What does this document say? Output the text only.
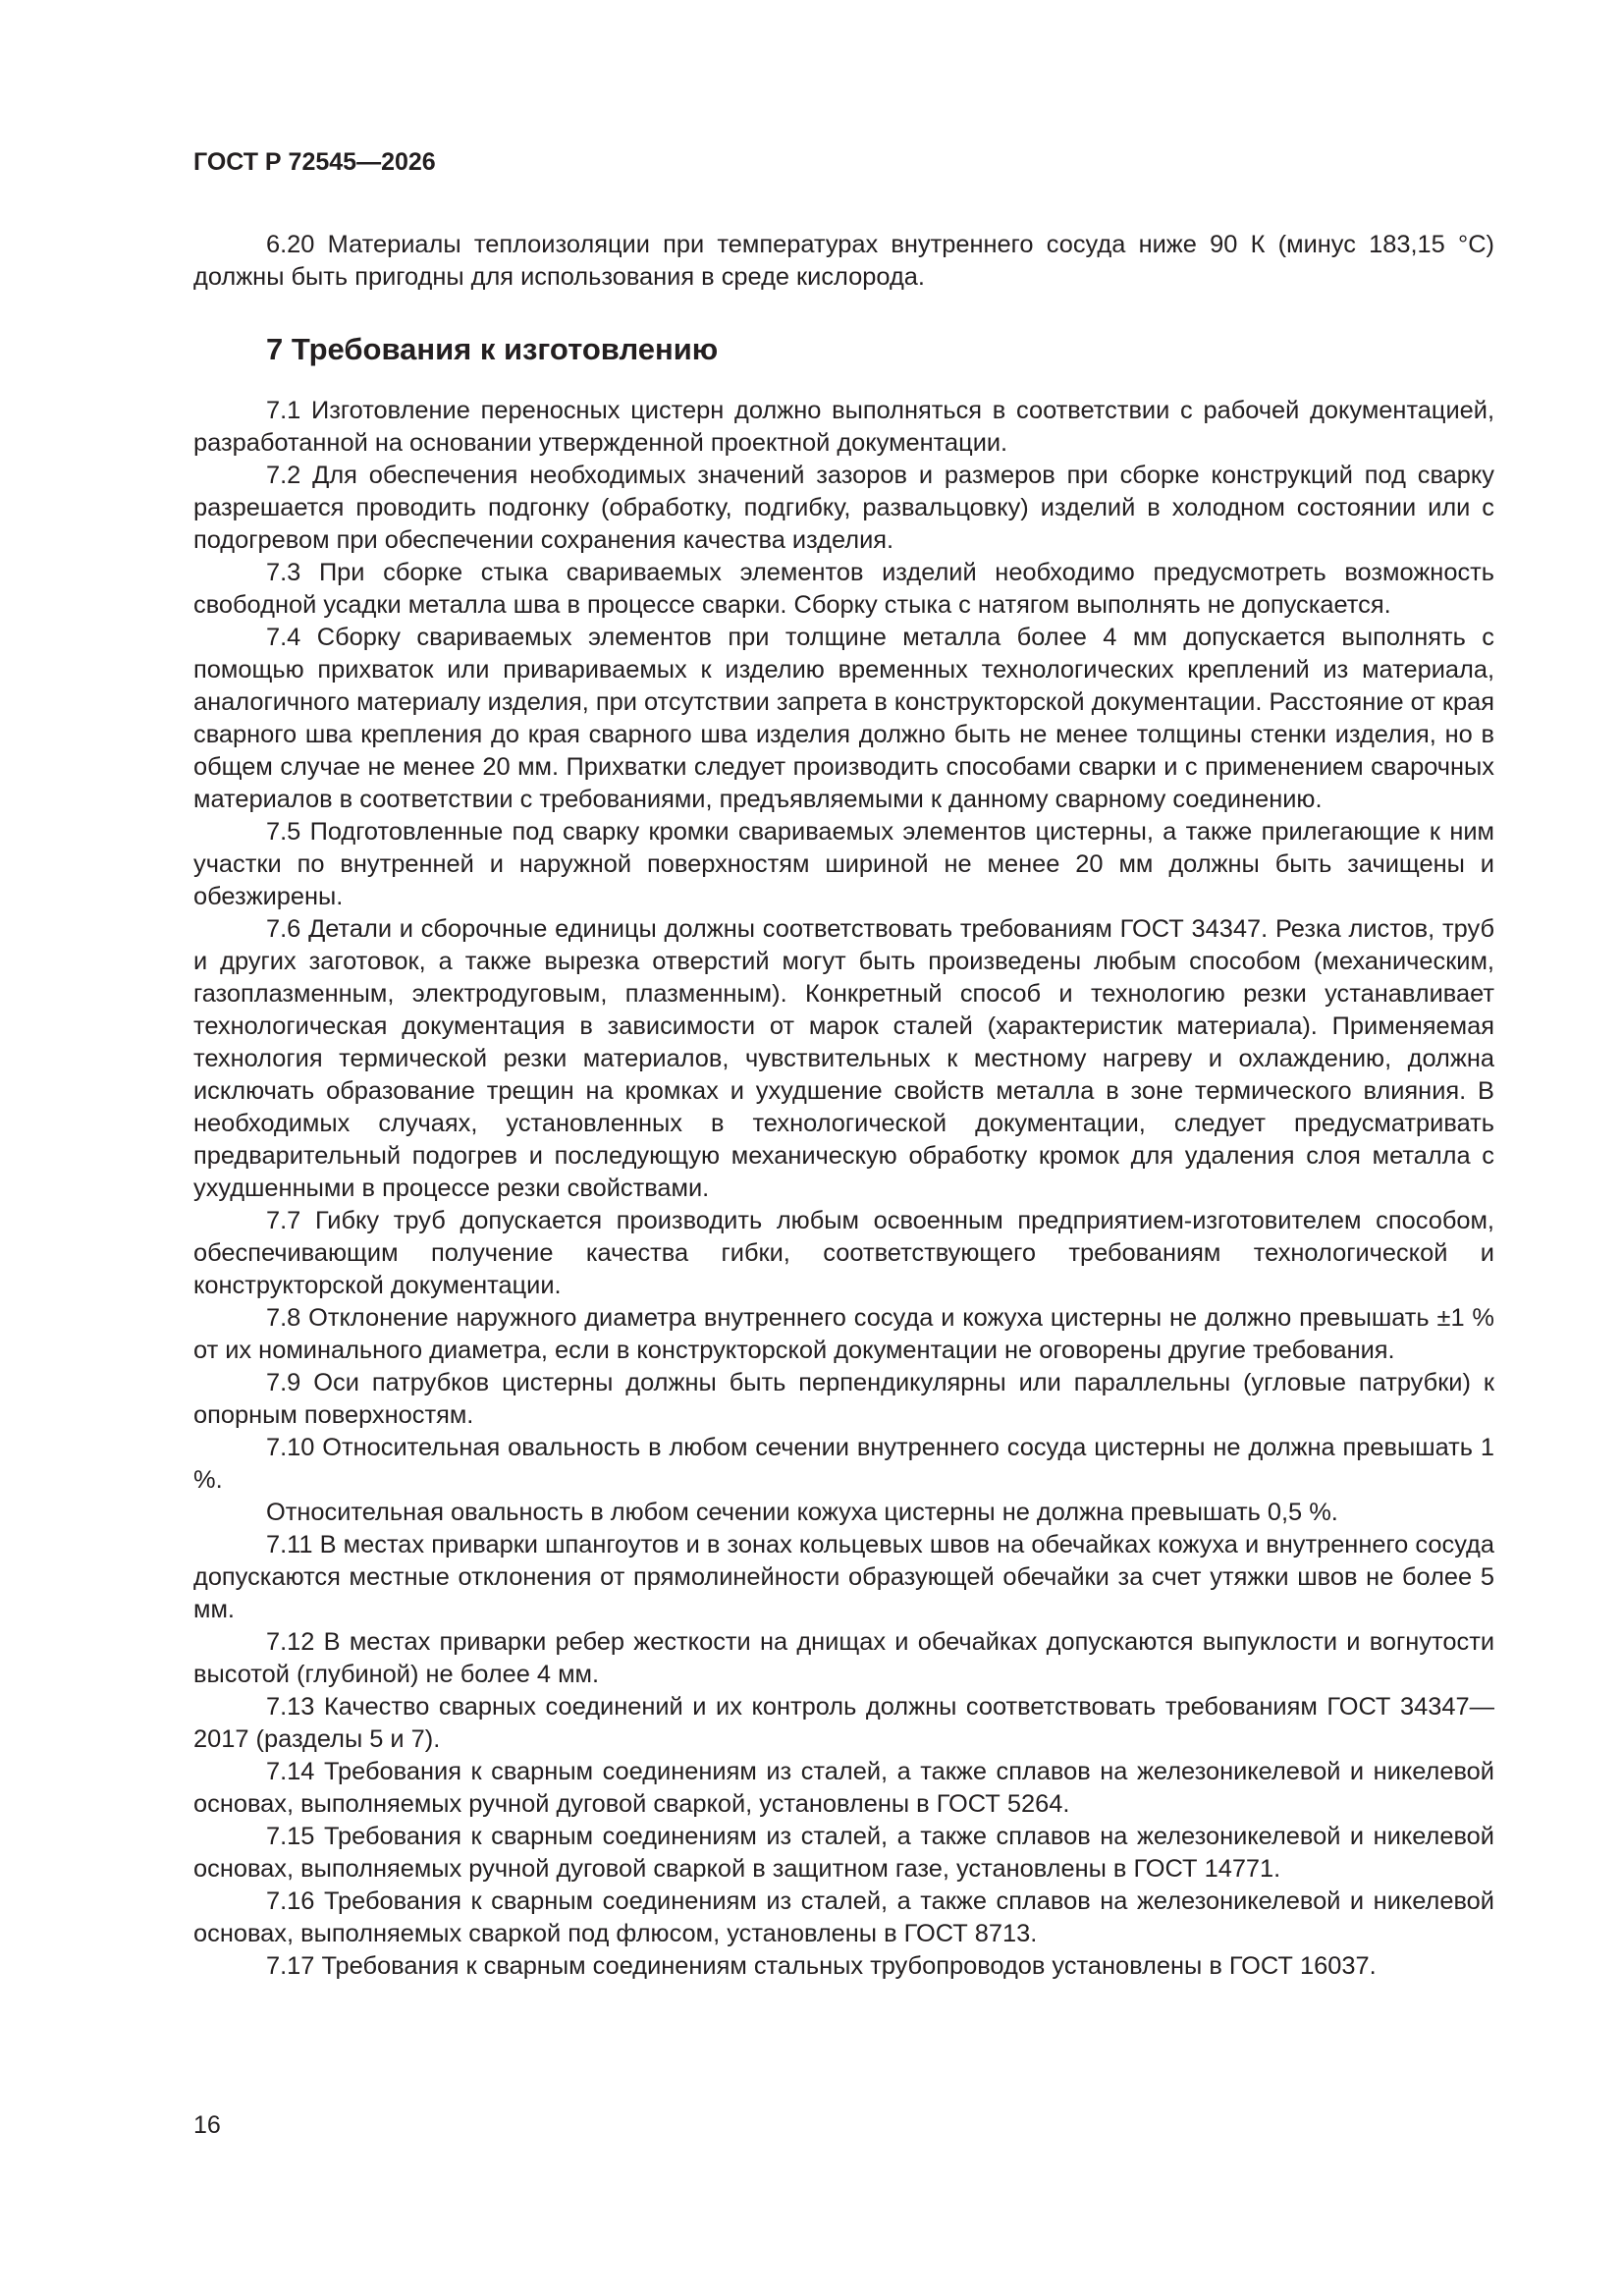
ГОСТ Р 72545—2026

6.20 Материалы теплоизоляции при температурах внутреннего сосуда ниже 90 К (минус 183,15 °С) должны быть пригодны для использования в среде кислорода.

7 Требования к изготовлению

7.1 Изготовление переносных цистерн должно выполняться в соответствии с рабочей документацией, разработанной на основании утвержденной проектной документации.

7.2 Для обеспечения необходимых значений зазоров и размеров при сборке конструкций под сварку разрешается проводить подгонку (обработку, подгибку, развальцовку) изделий в холодном состоянии или с подогревом при обеспечении сохранения качества изделия.

7.3 При сборке стыка свариваемых элементов изделий необходимо предусмотреть возможность свободной усадки металла шва в процессе сварки. Сборку стыка с натягом выполнять не допускается.

7.4 Сборку свариваемых элементов при толщине металла более 4 мм допускается выполнять с помощью прихваток или привариваемых к изделию временных технологических креплений из материала, аналогичного материалу изделия, при отсутствии запрета в конструкторской документации. Расстояние от края сварного шва крепления до края сварного шва изделия должно быть не менее толщины стенки изделия, но в общем случае не менее 20 мм. Прихватки следует производить способами сварки и с применением сварочных материалов в соответствии с требованиями, предъявляемыми к данному сварному соединению.

7.5 Подготовленные под сварку кромки свариваемых элементов цистерны, а также прилегающие к ним участки по внутренней и наружной поверхностям шириной не менее 20 мм должны быть зачищены и обезжирены.

7.6 Детали и сборочные единицы должны соответствовать требованиям ГОСТ 34347. Резка листов, труб и других заготовок, а также вырезка отверстий могут быть произведены любым способом (механическим, газоплазменным, электродуговым, плазменным). Конкретный способ и технологию резки устанавливает технологическая документация в зависимости от марок сталей (характеристик материала). Применяемая технология термической резки материалов, чувствительных к местному нагреву и охлаждению, должна исключать образование трещин на кромках и ухудшение свойств металла в зоне термического влияния. В необходимых случаях, установленных в технологической документации, следует предусматривать предварительный подогрев и последующую механическую обработку кромок для удаления слоя металла с ухудшенными в процессе резки свойствами.

7.7 Гибку труб допускается производить любым освоенным предприятием-изготовителем способом, обеспечивающим получение качества гибки, соответствующего требованиям технологической и конструкторской документации.

7.8 Отклонение наружного диаметра внутреннего сосуда и кожуха цистерны не должно превышать ±1 % от их номинального диаметра, если в конструкторской документации не оговорены другие требования.

7.9 Оси патрубков цистерны должны быть перпендикулярны или параллельны (угловые патрубки) к опорным поверхностям.

7.10 Относительная овальность в любом сечении внутреннего сосуда цистерны не должна превышать 1 %.

Относительная овальность в любом сечении кожуха цистерны не должна превышать 0,5 %.

7.11 В местах приварки шпангоутов и в зонах кольцевых швов на обечайках кожуха и внутреннего сосуда допускаются местные отклонения от прямолинейности образующей обечайки за счет утяжки швов не более 5 мм.

7.12 В местах приварки ребер жесткости на днищах и обечайках допускаются выпуклости и вогнутости высотой (глубиной) не более 4 мм.

7.13 Качество сварных соединений и их контроль должны соответствовать требованиям ГОСТ 34347—2017 (разделы 5 и 7).

7.14 Требования к сварным соединениям из сталей, а также сплавов на железоникелевой и никелевой основах, выполняемых ручной дуговой сваркой, установлены в ГОСТ 5264.

7.15 Требования к сварным соединениям из сталей, а также сплавов на железоникелевой и никелевой основах, выполняемых ручной дуговой сваркой в защитном газе, установлены в ГОСТ 14771.

7.16 Требования к сварным соединениям из сталей, а также сплавов на железоникелевой и никелевой основах, выполняемых сваркой под флюсом, установлены в ГОСТ 8713.

7.17 Требования к сварным соединениям стальных трубопроводов установлены в ГОСТ 16037.

16
